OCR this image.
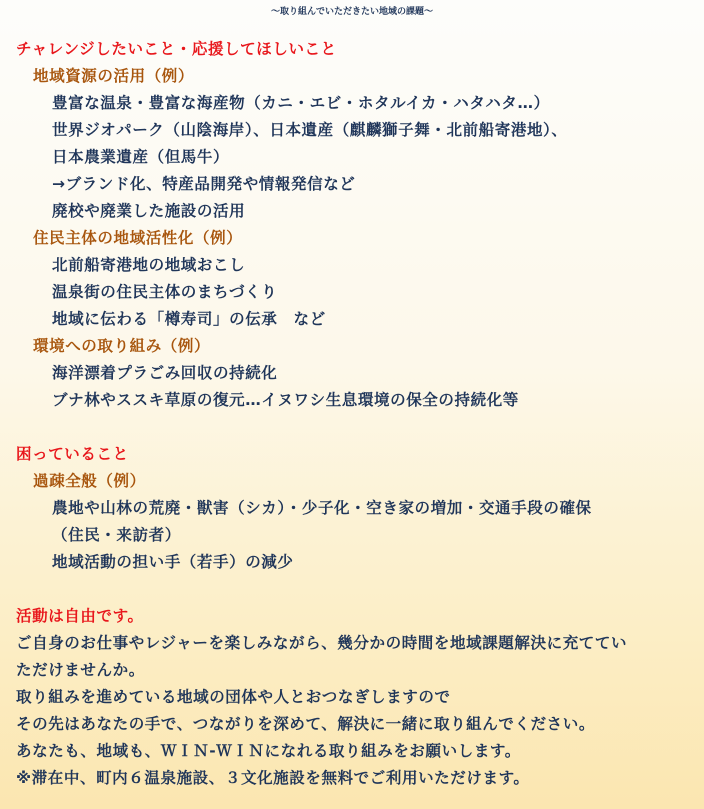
～取り組んでいただきたい地域の課題～
チャレンジしたいこと・応援してほしいこと
地域資源の活用（例）
豊富な温泉・豊富な海産物（カニ・エビ・ホタルイカ・ハタハタ…）
世界ジオパーク（山陰海岸）、日本遺産（麒麟獅子舞・北前船寄港地）、
日本農業遺産（但馬牛）
→ブランド化、特産品開発や情報発信など
廃校や廃業した施設の活用
住民主体の地域活性化（例）
北前船寄港地の地域おこし
温泉街の住民主体のまちづくり
地域に伝わる「樽寿司」の伝承　など
環境への取り組み（例）
海洋漂着プラごみ回収の持続化
ブナ林やススキ草原の復元…イヌワシ生息環境の保全の持続化等
困っていること
過疎全般（例）
農地や山林の荒廃・獣害（シカ）・少子化・空き家の増加・交通手段の確保
（住民・来訪者）
地域活動の担い手（若手）の減少
活動は自由です。
ご自身のお仕事やレジャーを楽しみながら、幾分かの時間を地域課題解決に充ててい
ただけませんか。
取り組みを進めている地域の団体や人とおつなぎしますので
その先はあなたの手で、つながりを深めて、解決に一緒に取り組んでください。
あなたも、地域も、ＷＩＮ-ＷＩＮになれる取り組みをお願いします。
※滞在中、町内６温泉施設、３文化施設を無料でご利用いただけます。
